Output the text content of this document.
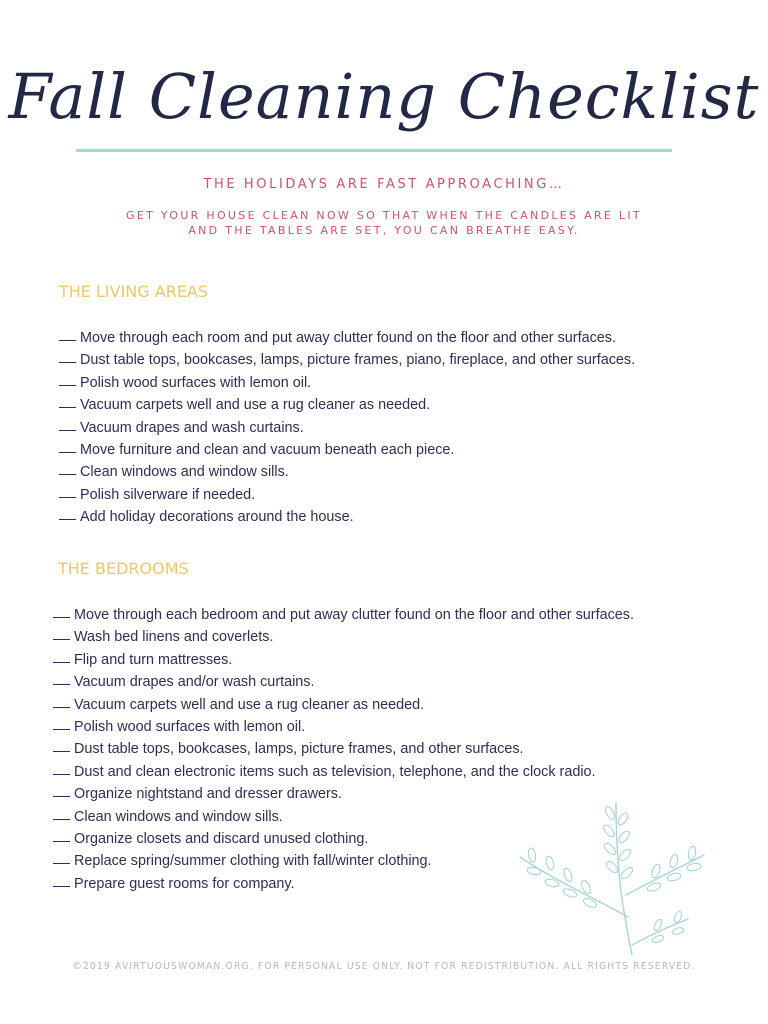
Fall Cleaning Checklist
THE HOLIDAYS ARE FAST APPROACHING…
GET YOUR HOUSE CLEAN NOW SO THAT WHEN THE CANDLES ARE LIT
AND THE TABLES ARE SET, YOU CAN BREATHE EASY.
THE LIVING AREAS
Move through each room and put away clutter found on the floor and other surfaces.
Dust table tops, bookcases, lamps, picture frames, piano, fireplace, and other surfaces.
Polish wood surfaces with lemon oil.
Vacuum carpets well and use a rug cleaner as needed.
Vacuum drapes and wash curtains.
Move furniture and clean and vacuum beneath each piece.
Clean windows and window sills.
Polish silverware if needed.
Add holiday decorations around the house.
THE BEDROOMS
Move through each bedroom and put away clutter found on the floor and other surfaces.
Wash bed linens and coverlets.
Flip and turn mattresses.
Vacuum drapes and/or wash curtains.
Vacuum carpets well and use a rug cleaner as needed.
Polish wood surfaces with lemon oil.
Dust table tops, bookcases, lamps, picture frames, and other surfaces.
Dust and clean electronic items such as television, telephone, and the clock radio.
Organize nightstand and dresser drawers.
Clean windows and window sills.
Organize closets and discard unused clothing.
Replace spring/summer clothing with fall/winter clothing.
Prepare guest rooms for company.
©2019 AVIRTUOUSWOMAN.ORG. FOR PERSONAL USE ONLY. NOT FOR REDISTRIBUTION. ALL RIGHTS RESERVED.
